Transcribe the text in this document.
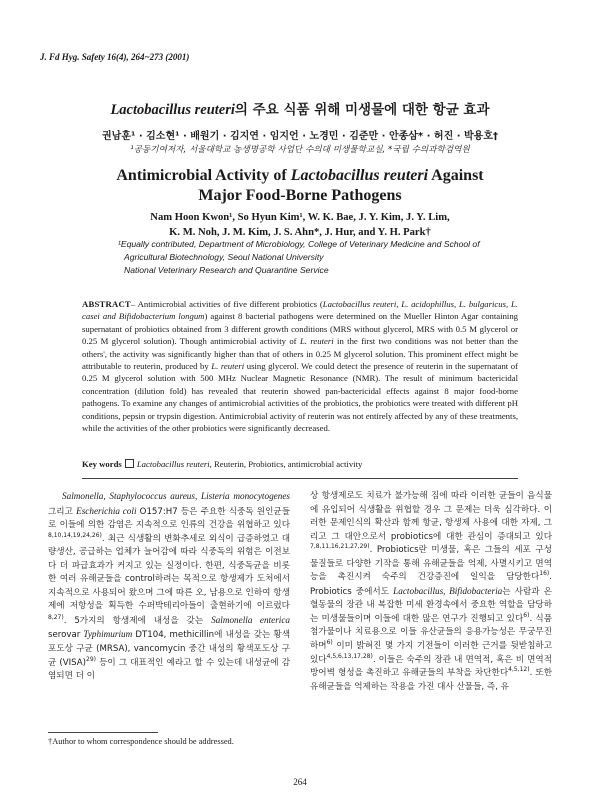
J. Fd Hyg. Safety 16(4), 264~273 (2001)
Lactobacillus reuteri의 주요 식품 위해 미생물에 대한 항균 효과
권남훈¹ · 김소현¹ · 배원기 · 김지연 · 임지언 · 노경민 · 김준만 · 안종삼* · 허진 · 박용호†
¹공동기여저자, 서울대학교 농생명공학 사업단 수의대 미생물학교실, *국립 수의과학검역원
Antimicrobial Activity of Lactobacillus reuteri Against
Major Food-Borne Pathogens
Nam Hoon Kwon¹, So Hyun Kim¹, W. K. Bae, J. Y. Kim, J. Y. Lim,
K. M. Noh, J. M. Kim, J. S. Ahn*, J. Hur, and Y. H. Park†
¹Equally contributed, Department of Microbiology, College of Veterinary Medicine and School of
Agricultural Biotechnology, Seoul National University
National Veterinary Research and Quarantine Service
ABSTRACT– Antimicrobial activities of five different probiotics (Lactobacillus reuteri, L. acidophillus, L. bulgaricus, L. casei and Bifidobacterium longum) against 8 bacterial pathogens were determined on the Mueller Hinton Agar containing supernatant of probiotics obtained from 3 different growth conditions (MRS without glycerol, MRS with 0.5 M glycerol or 0.25 M glycerol solution). Though antimicrobial activity of L. reuteri in the first two conditions was not better than the others', the activity was significantly higher than that of others in 0.25 M glycerol solution. This prominent effect might be attributable to reuterin, produced by L. reuteri using glycerol. We could detect the presence of reuterin in the supernatant of 0.25 M glycerol solution with 500 MHz Nuclear Magnetic Resonance (NMR). The result of minimum bactericidal concentration (dilution fold) has revealed that reuterin showed pan-bactericidal effects against 8 major food-borne pathogens. To examine any changes of antimicrobial activities of the probiotics, the probiotics were treated with different pH conditions, pepsin or trypsin digestion. Antimicrobial activity of reuterin was not entirely affected by any of these treatments, while the activities of the other probiotics were significantly decreased.
Key words Lactobacillus reuteri, Reuterin, Probiotics, antimicrobial activity

Salmonella, Staphylococcus aureus, Listeria monocytogenes 그리고 Escherichia coli O157:H7 등은 주요한 식중독 원인균들로 이들에 의한 감염은 지속적으로 인류의 건강을 위협하고 있다$^{8,10,14,19,24,26)}$. 최근 식생활의 변화추세로 외식이 급증하였고 대량생산, 공급하는 업체가 늘어감에 따라 식중독의 위험은 이전보다 더 파급효과가 커지고 있는 실정이다. 한편, 식중독균을 비롯한 여러 유해균들을 control하려는 목적으로 항생제가 도처에서 지속적으로 사용되어 왔으며 그에 따른 오, 남용으로 인하여 항생제에 저항성을 획득한 수퍼박테리아들이 출현하기에 이르렀다$^{8,27)}$. 5가지의 항생제에 내성을 갖는 Salmonella enterica serovar Typhimurium DT104, methicillin에 내성을 갖는 황색 포도상 구균 (MRSA), vancomycin 중간 내성의 황색포도상 구균 (VISA)$^{29)}$ 등이 그 대표적인 예라고 할 수 있는데 내성균에 감염되면 더 이

상 항생제로도 치료가 불가능해 짐에 따라 이러한 균들이 음식물에 유입되어 식생활을 위협할 경우 그 문제는 더욱 심각하다. 이러한 문제인식의 확산과 함께 항균, 항생제 사용에 대한 자제, 그리고 그 대안으로서 probiotics에 대한 관심이 증대되고 있다$^{7,8,11,16,21,27,29)}$. Probiotics란 미생물, 혹은 그들의 세포 구성 물질들로 다양한 기작을 통해 유해균들을 억제, 사멸시키고 면역능을 촉진시켜 숙주의 건강증진에 일익을 담당한다$^{16)}$. Probiotics 중에서도 Lactobacillus, Bifidobacteria는 사람과 온혈동물의 장관 내 복잡한 미세 환경속에서 중요한 역할을 담당하는 미생물들이며 이들에 대한 많은 연구가 진행되고 있다$^{6)}$. 식품첨가물이나 치료용으로 이들 유산균들의 응용가능성은 무궁무진하며$^{6)}$ 이미 밝혀진 몇 가지 기전들이 이러한 근거를 뒷받침하고 있다$^{4,5,6,13,17,28)}$. 이들은 숙주의 장관 내 면역적, 혹은 비 면역적 방어벽 형성을 촉진하고 유해균들의 부착을 차단한다$^{4,5,12)}$. 또한 유해균들을 억제하는 작용을 가진 대사 산물들, 즉, 유

†Author to whom correspondence should be addressed.
264
